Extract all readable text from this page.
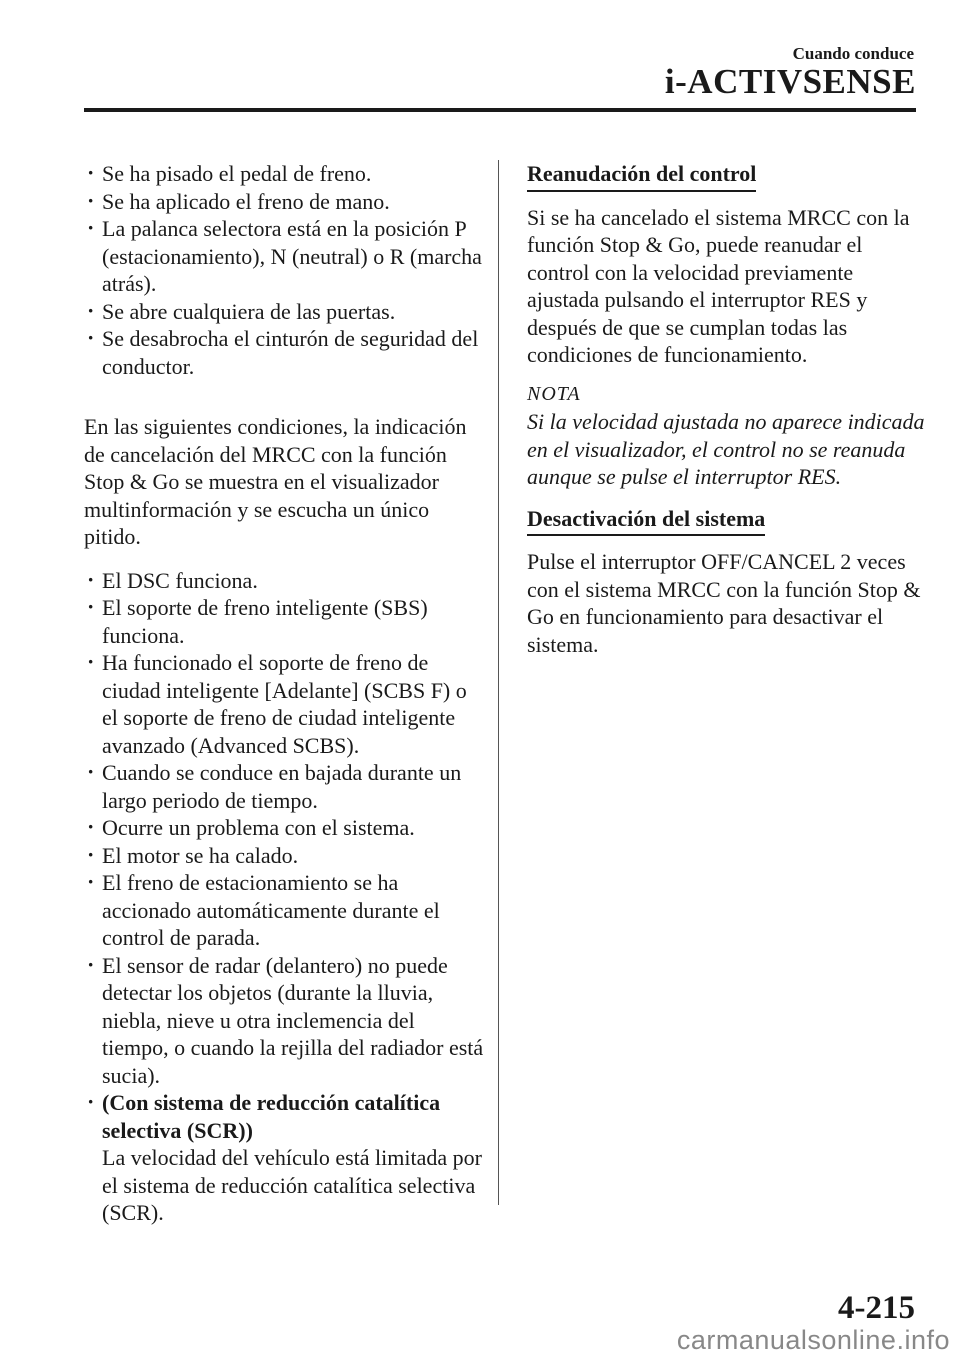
Cuando conduce
i-ACTIVSENSE
· Se ha pisado el pedal de freno.
· Se ha aplicado el freno de mano.
· La palanca selectora está en la posición P (estacionamiento), N (neutral) o R (marcha atrás).
· Se abre cualquiera de las puertas.
· Se desabrocha el cinturón de seguridad del conductor.

En las siguientes condiciones, la indicación de cancelación del MRCC con la función Stop & Go se muestra en el visualizador multinformación y se escucha un único pitido.

· El DSC funciona.
· El soporte de freno inteligente (SBS) funciona.
· Ha funcionado el soporte de freno de ciudad inteligente [Adelante] (SCBS F) o el soporte de freno de ciudad inteligente avanzado (Advanced SCBS).
· Cuando se conduce en bajada durante un largo periodo de tiempo.
· Ocurre un problema con el sistema.
· El motor se ha calado.
· El freno de estacionamiento se ha accionado automáticamente durante el control de parada.
· El sensor de radar (delantero) no puede detectar los objetos (durante la lluvia, niebla, nieve u otra inclemencia del tiempo, o cuando la rejilla del radiador está sucia).
· (Con sistema de reducción catalítica selectiva (SCR))
La velocidad del vehículo está limitada por el sistema de reducción catalítica selectiva (SCR).
Reanudación del control

Si se ha cancelado el sistema MRCC con la función Stop & Go, puede reanudar el control con la velocidad previamente ajustada pulsando el interruptor RES y después de que se cumplan todas las condiciones de funcionamiento.

NOTA

Si la velocidad ajustada no aparece indicada en el visualizador, el control no se reanuda aunque se pulse el interruptor RES.

Desactivación del sistema

Pulse el interruptor OFF/CANCEL 2 veces con el sistema MRCC con la función Stop & Go en funcionamiento para desactivar el sistema.

4-215
carmanualsonline.info
